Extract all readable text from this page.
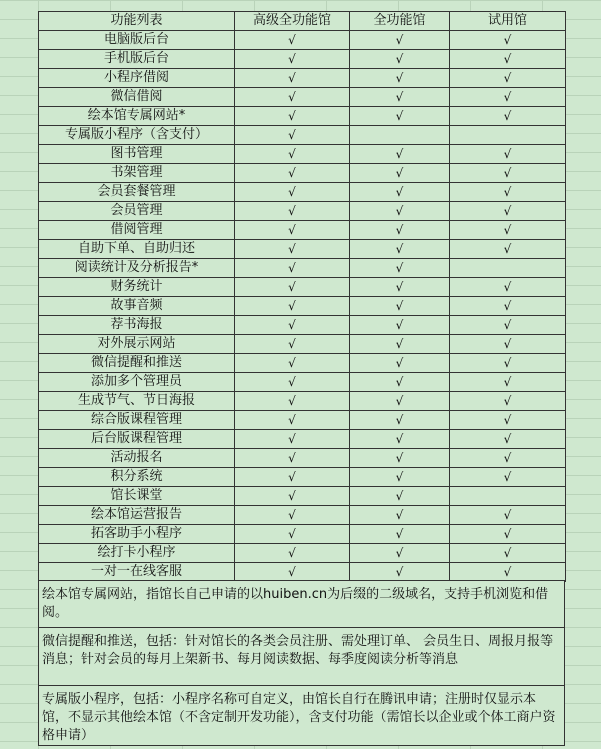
功能列表	高级全功能馆	全功能馆	试用馆
电脑版后台	√	√	√
手机版后台	√	√	√
小程序借阅	√	√	√
微信借阅	√	√	√
绘本馆专属网站*	√	√	√
专属版小程序（含支付）	√		
图书管理	√	√	√
书架管理	√	√	√
会员套餐管理	√	√	√
会员管理	√	√	√
借阅管理	√	√	√
自助下单、自助归还	√	√	√
阅读统计及分析报告*	√	√	
财务统计	√	√	√
故事音频	√	√	√
荐书海报	√	√	√
对外展示网站	√	√	√
微信提醒和推送	√	√	√
添加多个管理员	√	√	√
生成节气、节日海报	√	√	√
综合版课程管理	√	√	√
后台版课程管理	√	√	√
活动报名	√	√	√
积分系统	√	√	√
馆长课堂	√	√	
绘本馆运营报告	√	√	√
拓客助手小程序	√	√	√
绘打卡小程序	√	√	√
一对一在线客服	√	√	√
绘本馆专属网站，指馆长自己申请的以huiben.cn为后缀的二级域名，支持手机浏览和借阅。
微信提醒和推送，包括：针对馆长的各类会员注册、需处理订单、 会员生日、周报月报等消息；针对会员的每月上架新书、每月阅读数据、每季度阅读分析等消息
专属版小程序，包括：小程序名称可自定义，由馆长自行在腾讯申请；注册时仅显示本馆，不显示其他绘本馆（不含定制开发功能），含支付功能（需馆长以企业或个体工商户资格申请）
